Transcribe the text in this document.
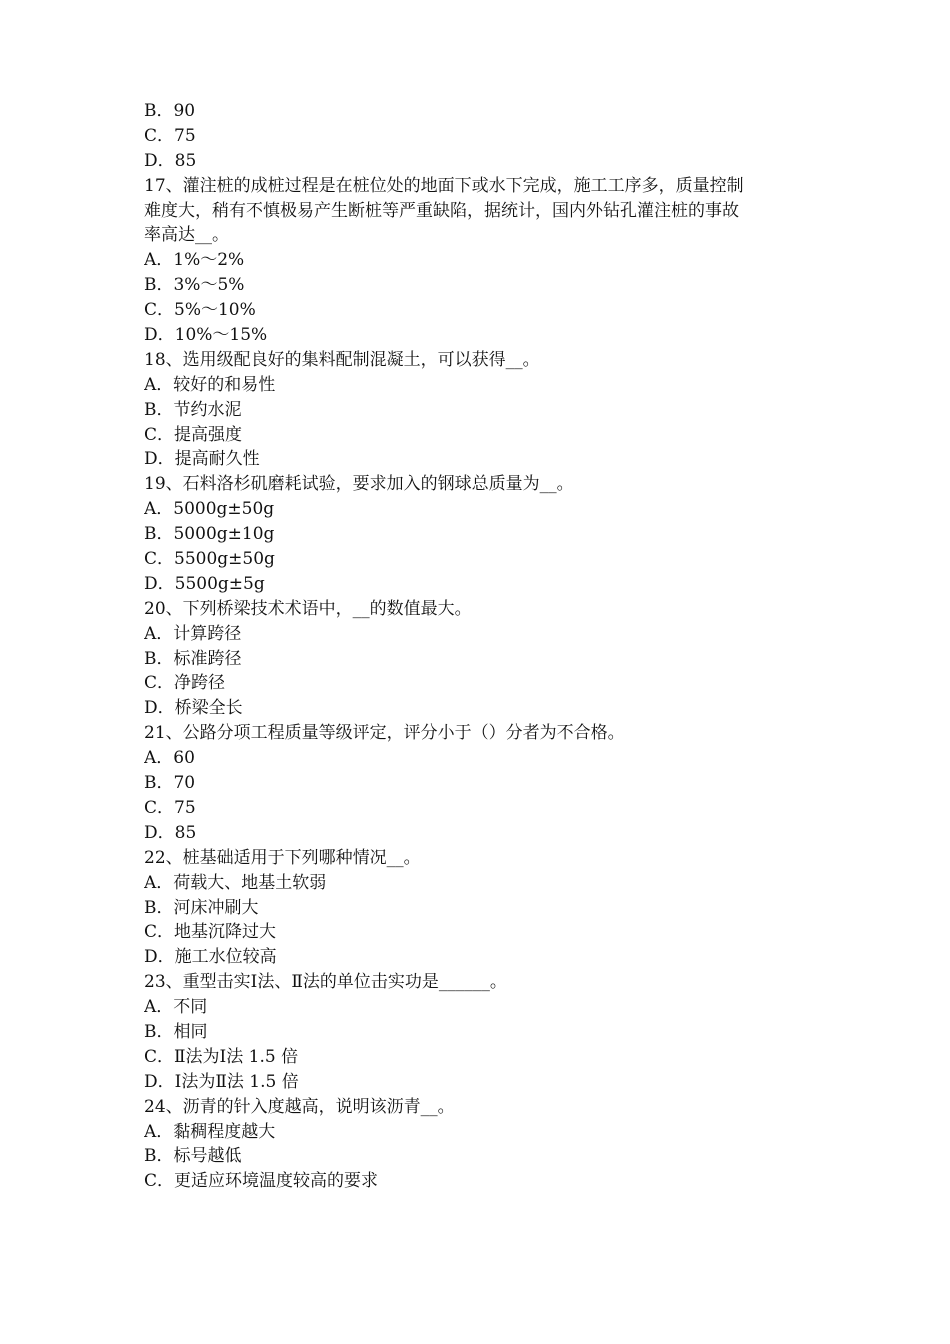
B．90
C．75
D．85
17、灌注桩的成桩过程是在桩位处的地面下或水下完成，施工工序多，质量控制
难度大，稍有不慎极易产生断桩等严重缺陷，据统计，国内外钻孔灌注桩的事故
率高达__。
A．1%～2%
B．3%～5%
C．5%～10%
D．10%～15%
18、选用级配良好的集料配制混凝土，可以获得__。
A．较好的和易性
B．节约水泥
C．提高强度
D．提高耐久性
19、石料洛杉矶磨耗试验，要求加入的钢球总质量为__。
A．5000g±50g
B．5000g±10g
C．5500g±50g
D．5500g±5g
20、下列桥梁技术术语中，__的数值最大。
A．计算跨径
B．标准跨径
C．净跨径
D．桥梁全长
21、公路分项工程质量等级评定，评分小于（）分者为不合格。
A．60
B．70
C．75
D．85
22、桩基础适用于下列哪种情况__。
A．荷载大、地基土软弱
B．河床冲刷大
C．地基沉降过大
D．施工水位较高
23、重型击实Ⅰ法、Ⅱ法的单位击实功是______。
A．不同
B．相同
C．Ⅱ法为Ⅰ法 1.5 倍
D．Ⅰ法为Ⅱ法 1.5 倍
24、沥青的针入度越高，说明该沥青__。
A．黏稠程度越大
B．标号越低
C．更适应环境温度较高的要求
